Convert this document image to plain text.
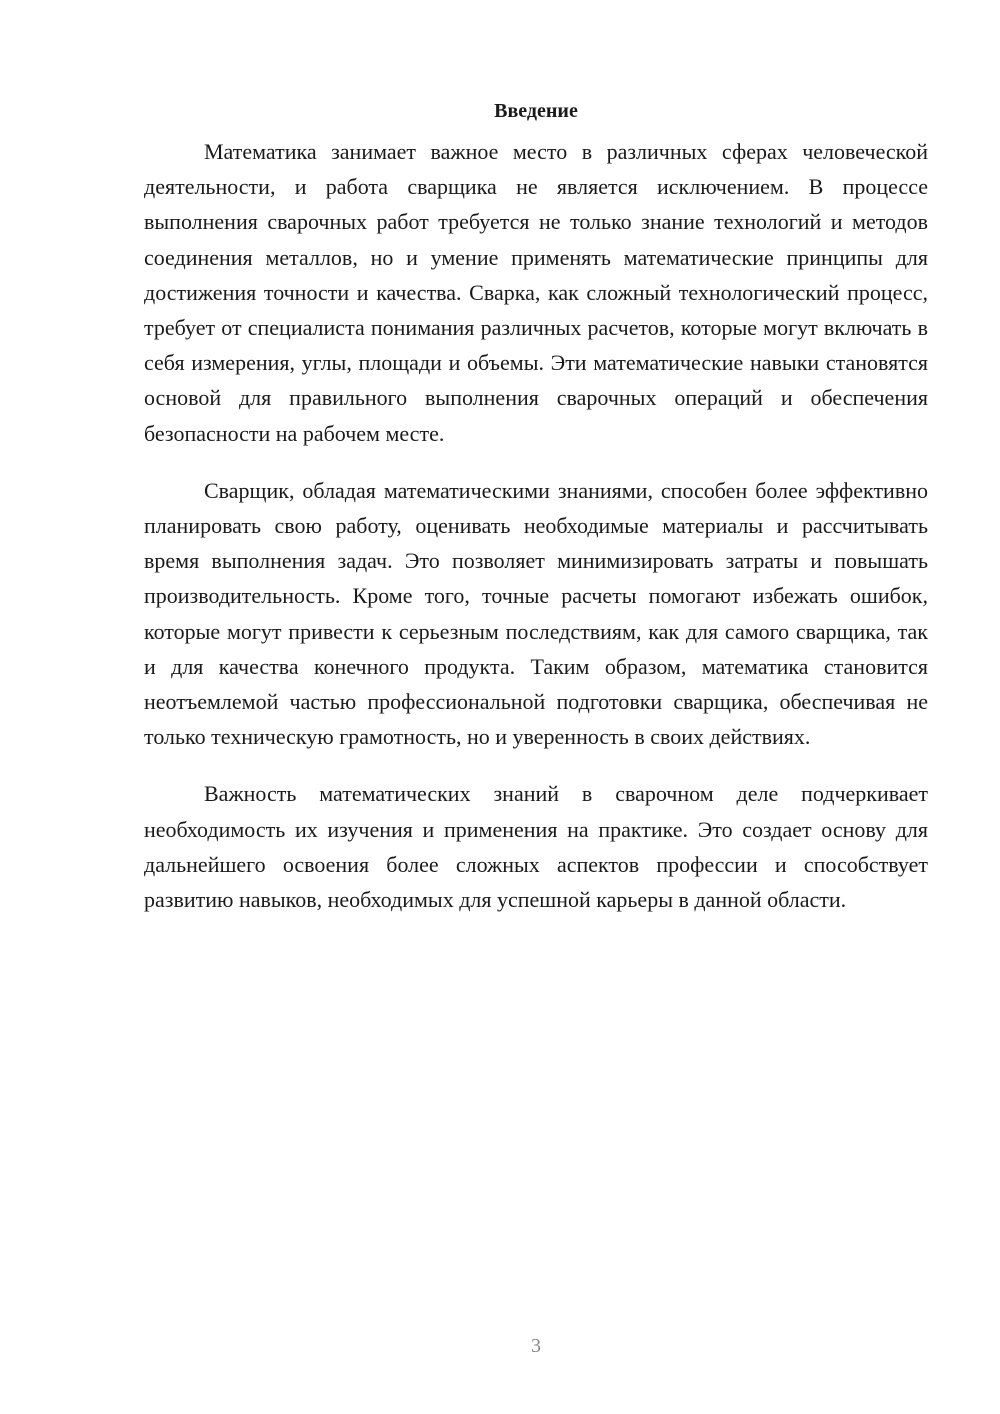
Введение

Математика занимает важное место в различных сферах человеческой деятельности, и работа сварщика не является исключением. В процессе выполнения сварочных работ требуется не только знание технологий и методов соединения металлов, но и умение применять математические принципы для достижения точности и качества. Сварка, как сложный технологический процесс, требует от специалиста понимания различных расчетов, которые могут включать в себя измерения, углы, площади и объемы. Эти математические навыки становятся основой для правильного выполнения сварочных операций и обеспечения безопасности на рабочем месте.

Сварщик, обладая математическими знаниями, способен более эффективно планировать свою работу, оценивать необходимые материалы и рассчитывать время выполнения задач. Это позволяет минимизировать затраты и повышать производительность. Кроме того, точные расчеты помогают избежать ошибок, которые могут привести к серьезным последствиям, как для самого сварщика, так и для качества конечного продукта. Таким образом, математика становится неотъемлемой частью профессиональной подготовки сварщика, обеспечивая не только техническую грамотность, но и уверенность в своих действиях.

Важность математических знаний в сварочном деле подчеркивает необходимость их изучения и применения на практике. Это создает основу для дальнейшего освоения более сложных аспектов профессии и способствует развитию навыков, необходимых для успешной карьеры в данной области.

3
